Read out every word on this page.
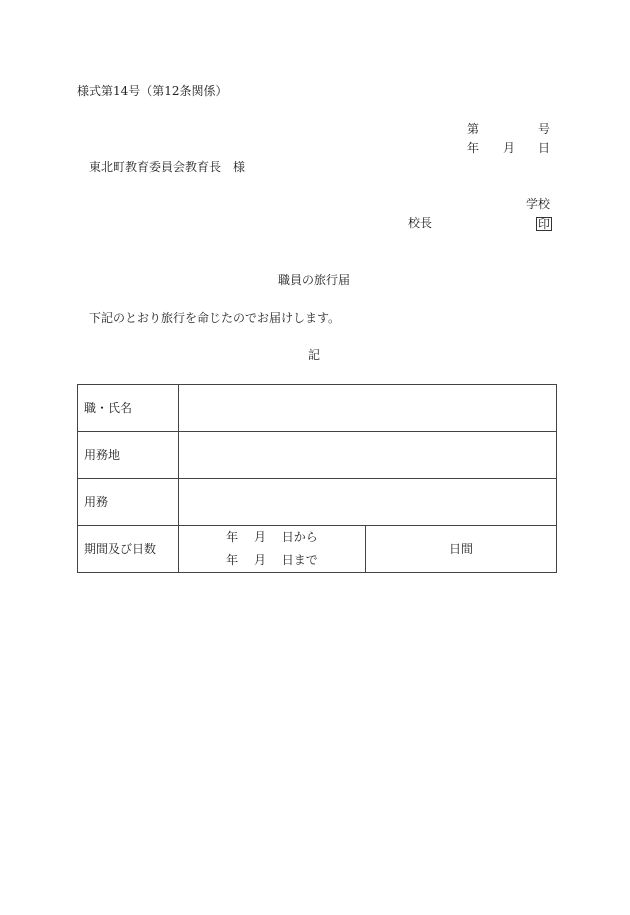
様式第14号（第12条関係）
第	号
年 月 日
東北町教育委員会教育長　様
学校
校長	印
職員の旅行届
下記のとおり旅行を命じたのでお届けします。
記
職・氏名		
用務地		
用務		
期間及び日数	年　 月　 日から
年　 月　 日まで	日間
